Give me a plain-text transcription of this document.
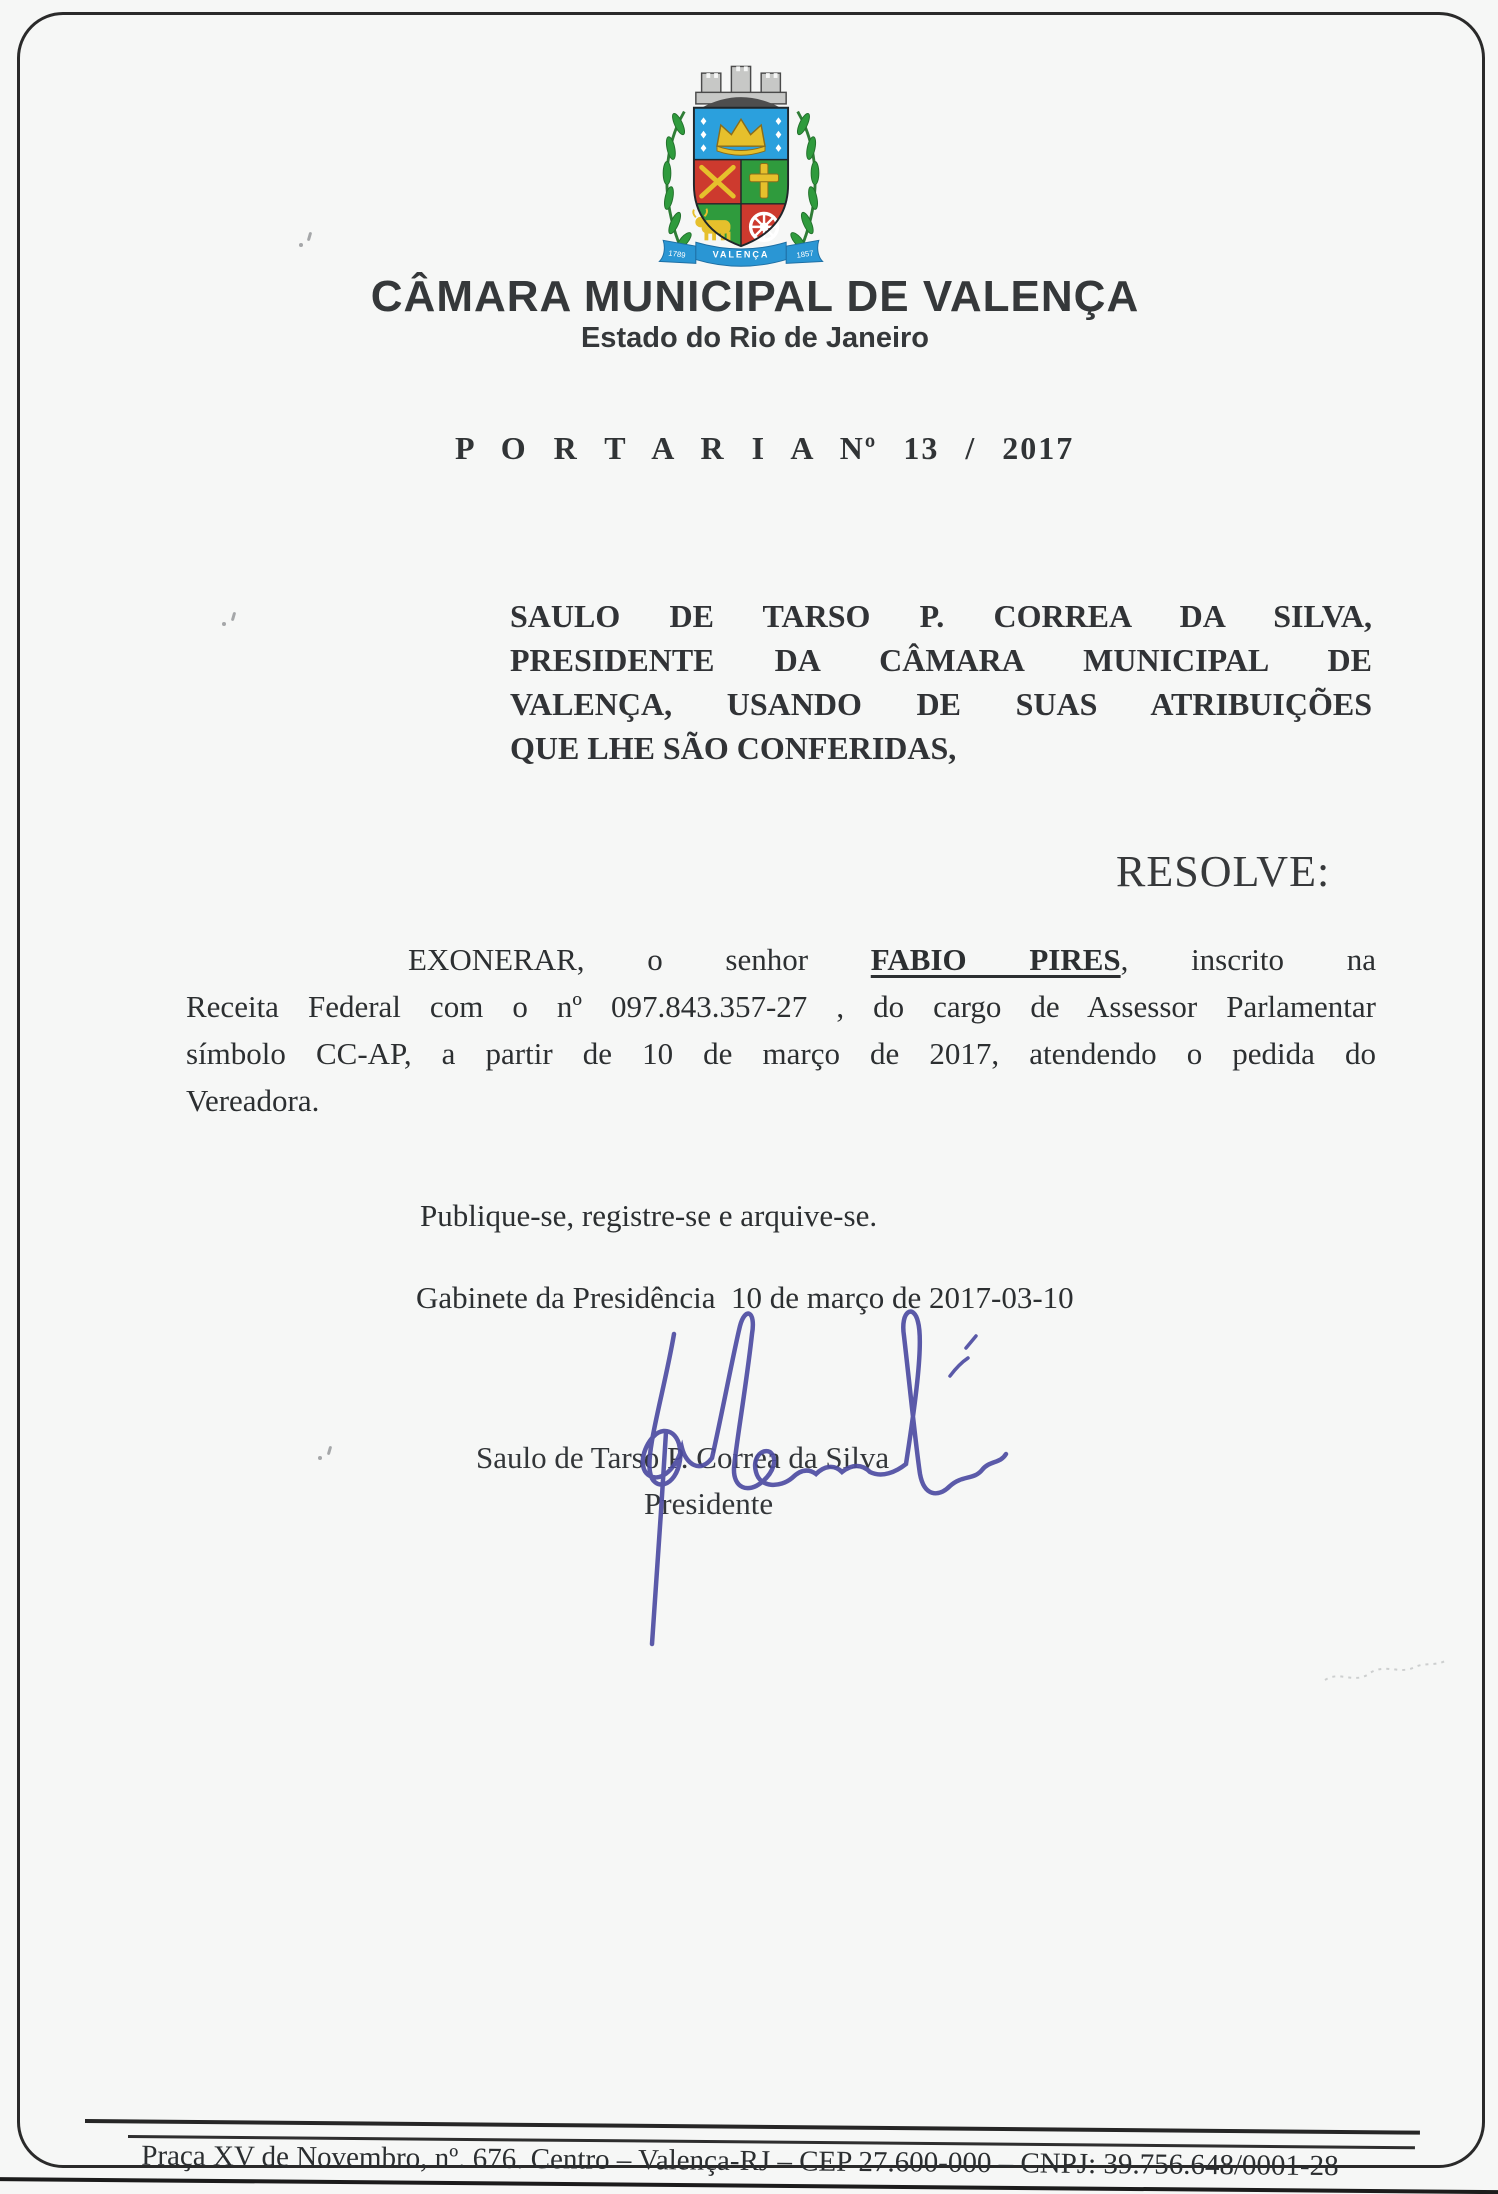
1789	VALENÇA	1857
CÂMARA MUNICIPAL DE VALENÇA
Estado do Rio de Janeiro
P O R T A R I A Nº 13 / 2017
SAULO DE TARSO P. CORREA DA SILVA,
PRESIDENTE DA CÂMARA MUNICIPAL DE
VALENÇA, USANDO DE SUAS ATRIBUIÇÕES
QUE LHE SÃO CONFERIDAS,
RESOLVE:
EXONERAR, o senhor FABIO PIRES, inscrito na
Receita Federal com o nº 097.843.357-27 , do cargo de Assessor Parlamentar
símbolo CC-AP, a partir de 10 de março de 2017, atendendo o pedida do
Vereadora.
Publique-se, registre-se e arquive-se.
Gabinete da Presidência  10 de março de 2017-03-10
Saulo de Tarso P. Correa da Silva
Presidente
Praça XV de Novembro, nº. 676. Centro – Valença-RJ – CEP 27.600-000 – CNPJ: 39.756.648/0001-28
